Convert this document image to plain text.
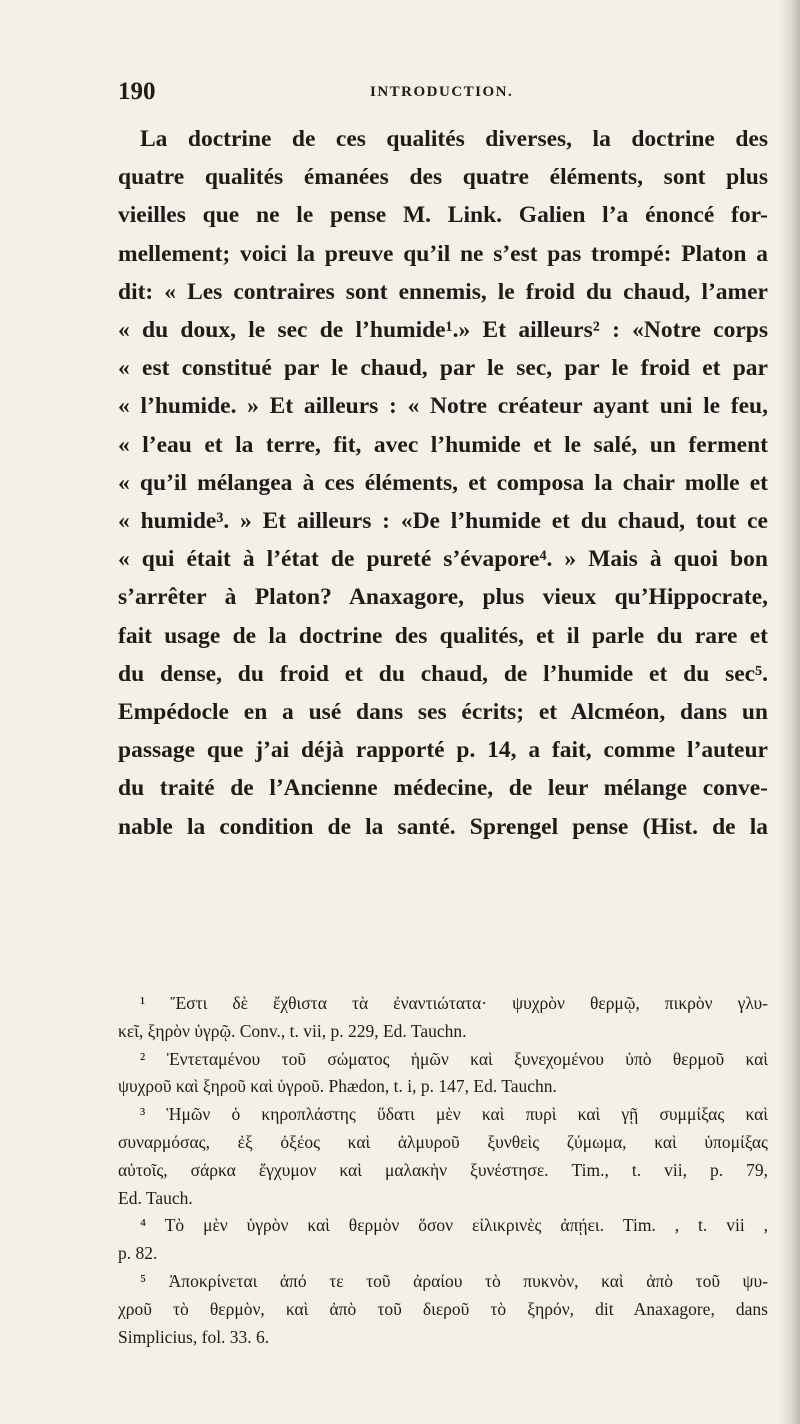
190	INTRODUCTION.
La doctrine de ces qualités diverses, la doctrine des
quatre qualités émanées des quatre éléments, sont plus
vieilles que ne le pense M. Link. Galien l’a énoncé for-
mellement; voici la preuve qu’il ne s’est pas trompé: Platon a
dit: « Les contraires sont ennemis, le froid du chaud, l’amer
« du doux, le sec de l’humide¹.» Et ailleurs² : «Notre corps
« est constitué par le chaud, par le sec, par le froid et par
« l’humide. » Et ailleurs : « Notre créateur ayant uni le feu,
« l’eau et la terre, fit, avec l’humide et le salé, un ferment
« qu’il mélangea à ces éléments, et composa la chair molle et
« humide³. » Et ailleurs : «De l’humide et du chaud, tout ce
« qui était à l’état de pureté s’évapore⁴. » Mais à quoi bon
s’arrêter à Platon? Anaxagore, plus vieux qu’Hippocrate,
fait usage de la doctrine des qualités, et il parle du rare et
du dense, du froid et du chaud, de l’humide et du sec⁵.
Empédocle en a usé dans ses écrits; et Alcméon, dans un
passage que j’ai déjà rapporté p. 14, a fait, comme l’auteur
du traité de l’Ancienne médecine, de leur mélange conve-
nable la condition de la santé. Sprengel pense (Hist. de la
¹ Ἔστι δὲ ἔχθιστα τὰ ἐναντιώτατα· ψυχρὸν θερμῷ, πικρὸν γλυ-
κεῖ, ξηρὸν ὑγρῷ. Conv., t. vii, p. 229, Ed. Tauchn.
² Ἐντεταμένου τοῦ σώματος ἡμῶν καὶ ξυνεχομένου ὑπὸ θερμοῦ καὶ
ψυχροῦ καὶ ξηροῦ καὶ ὑγροῦ. Phædon, t. i, p. 147, Ed. Tauchn.
³ Ἡμῶν ὁ κηροπλάστης ὕδατι μὲν καὶ πυρὶ καὶ γῇ συμμίξας καὶ
συναρμόσας, ἐξ ὀξέος καὶ ἁλμυροῦ ξυνθεὶς ζύμωμα, καὶ ὑπομίξας
αὐτοῖς, σάρκα ἔγχυμον καὶ μαλακὴν ξυνέστησε. Tim., t. vii, p. 79,
Ed. Tauch.
⁴ Τὸ μὲν ὑγρὸν καὶ θερμὸν ὅσον εἰλικρινὲς ἀπῄει. Tim. , t. vii ,
p. 82.
⁵ Ἀποκρίνεται ἀπό τε τοῦ ἀραίου τὸ πυκνὸν, καὶ ἀπὸ τοῦ ψυ-
χροῦ τὸ θερμὸν, καὶ ἀπὸ τοῦ διεροῦ τὸ ξηρόν, dit Anaxagore, dans
Simplicius, fol. 33. 6.
